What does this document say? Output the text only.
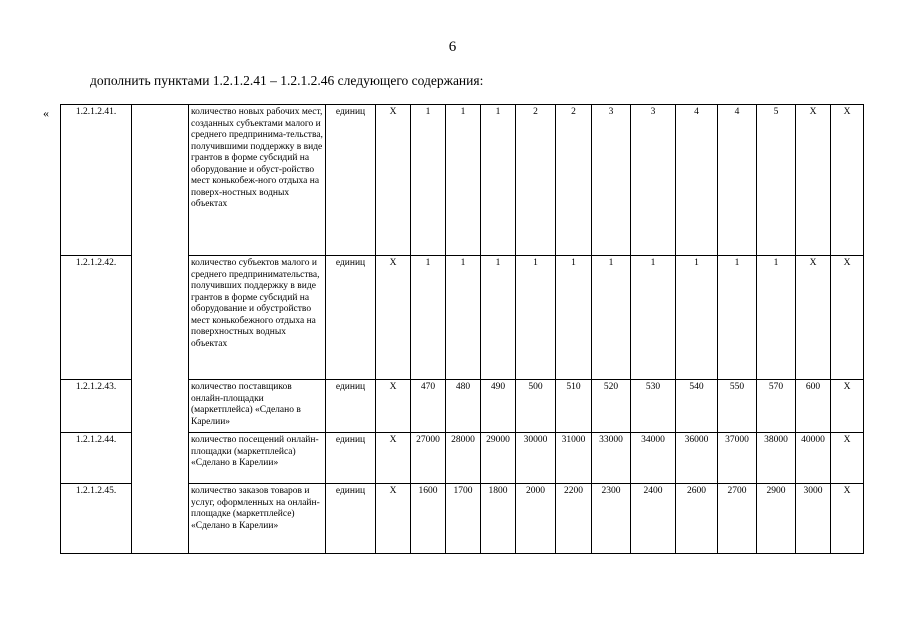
6
дополнить пунктами 1.2.1.2.41 – 1.2.1.2.46 следующего содержания:
«	1.2.1.2.41.		количество новых рабочих мест, созданных субъектами малого и среднего предпринима-тельства, получившими поддержку в виде грантов в форме субсидий на оборудование и обуст-ройство мест конькобеж-ного отдыха на поверх-ностных водных объектах	единиц	X	1	1	1	2	2	3	3	4	4	5	X	X
1.2.1.2.42.		количество субъектов малого и среднего предпринимательства, получивших поддержку в виде грантов в форме субсидий на оборудование и обустройство мест конькобежного отдыха на поверхностных водных объектах	единиц	X	1	1	1	1	1	1	1	1	1	1	X	X
1.2.1.2.43.		количество поставщиков онлайн-площадки (маркетплейса) «Сделано в Карелии»	единиц	X	470	480	490	500	510	520	530	540	550	570	600	X
1.2.1.2.44.		количество посещений онлайн-площадки (маркетплейса) «Сделано в Карелии»	единиц	X	27000	28000	29000	30000	31000	33000	34000	36000	37000	38000	40000	X
1.2.1.2.45.		количество заказов товаров и услуг, оформленных на онлайн-площадке (маркетплейсе) «Сделано в Карелии»	единиц	X	1600	1700	1800	2000	2200	2300	2400	2600	2700	2900	3000	X
